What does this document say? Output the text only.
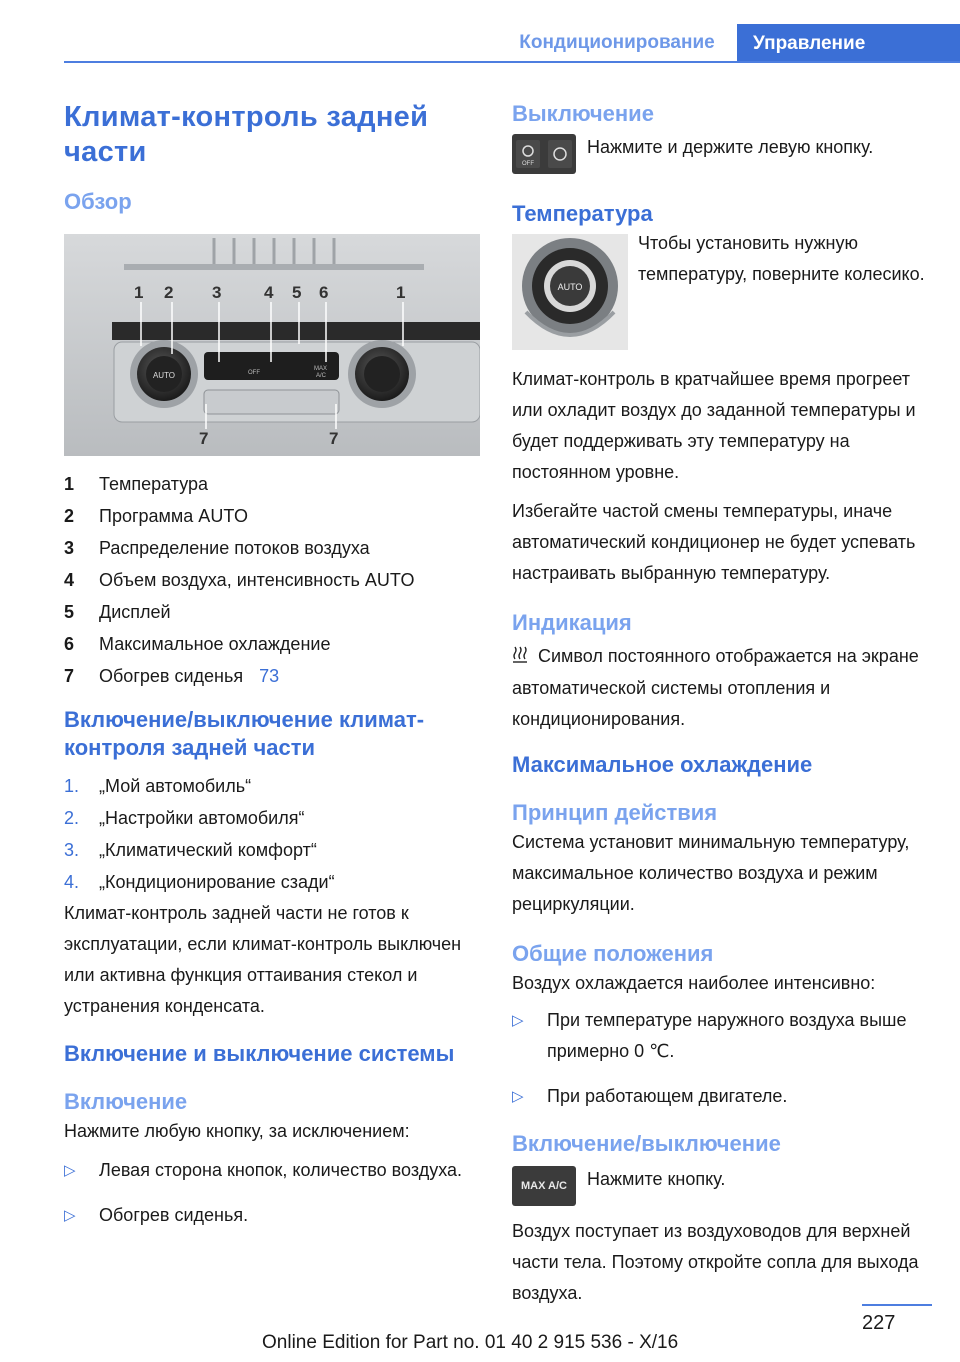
Кондиционирование	Управление
Климат-контроль задней части
Обзор
AUTO	OFF
MAX
A/C
1 2 3	4 5 6	1
7	7
1	Температура
2	Программа AUTO
3	Распределение потоков воздуха
4	Объем воздуха, интенсивность AUTO
5	Дисплей
6	Максимальное охлаждение
7	Обогрев сиденья 73
Включение/выключение климат-контроля задней части
1.	„Мой автомобиль“
2.	„Настройки автомобиля“
3.	„Климатический комфорт“
4.	„Кондиционирование сзади“

Климат-контроль задней части не готов к эксплуатации, если климат-контроль выключен или активна функция оттаивания стекол и устранения конденсата.

Включение и выключение системы
Включение

Нажмите любую кнопку, за исключением:

▷	Левая сторона кнопок, количество воздуха.
▷	Обогрев сиденья.
Выключение
OFF

Нажмите и держите левую кнопку.

Температура
AUTO

Чтобы установить нужную температуру, поверните колесико.

Климат-контроль в кратчайшее время прогреет или охладит воздух до заданной температуры и будет поддерживать эту температуру на постоянном уровне.

Избегайте частой смены температуры, иначе автоматический кондиционер не будет успевать настраивать выбранную температуру.

Индикация

Символ постоянного отображается на экране автоматической системы отопления и кондиционирования.

Максимальное охлаждение
Принцип действия

Система установит минимальную температуру, максимальное количество воздуха и режим рециркуляции.

Общие положения

Воздух охлаждается наиболее интенсивно:

▷	При температуре наружного воздуха выше примерно 0 ℃.
▷	При работающем двигателе.
Включение/выключение
MAX A/C Нажмите кнопку.

Воздух поступает из воздуховодов для верхней части тела. Поэтому откройте сопла для выхода воздуха.

227
Online Edition for Part no. 01 40 2 915 536 - X/16
